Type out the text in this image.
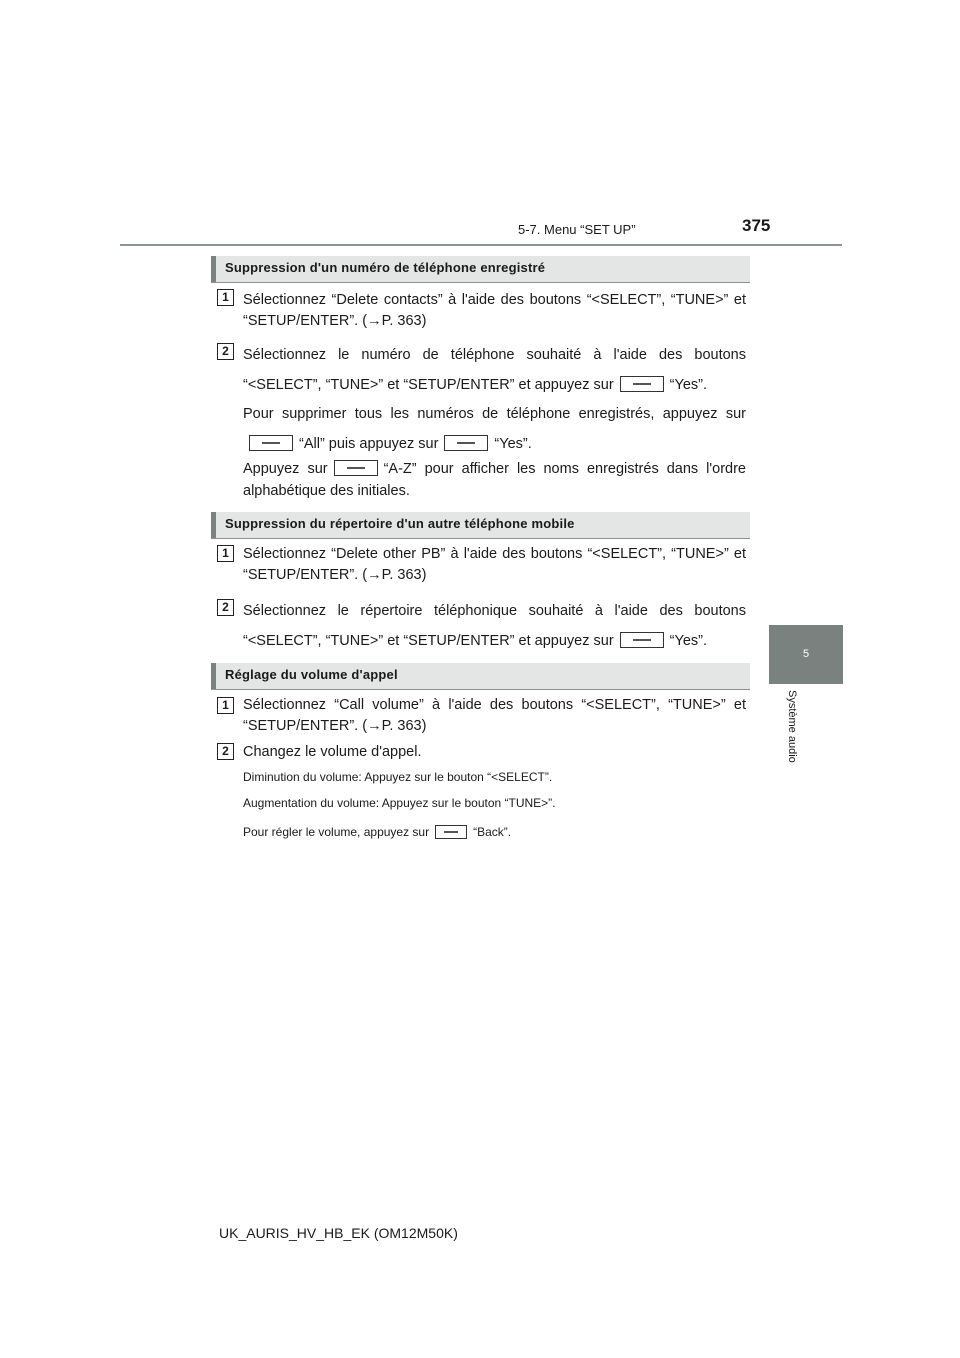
5-7. Menu “SET UP”	375
5
Système audio
Suppression d'un numéro de téléphone enregistré
1 Sélectionnez “Delete contacts” à l'aide des boutons “<SELECT”, “TUNE>” et “SETUP/ENTER”. (→P. 363)

2 Sélectionnez le numéro de téléphone souhaité à l'aide des boutons “<SELECT”, “TUNE>” et “SETUP/ENTER” et appuyez sur	“Yes”.

Pour supprimer tous les numéros de téléphone enregistrés, appuyez sur“All” puis appuyez sur	“Yes”.

Appuyez sur	“A-Z” pour afficher les noms enregistrés dans l'ordre alphabétique des initiales.

Suppression du répertoire d'un autre téléphone mobile
1 Sélectionnez “Delete other PB” à l'aide des boutons “<SELECT”, “TUNE>” et “SETUP/ENTER”. (→P. 363)

2 Sélectionnez le répertoire téléphonique souhaité à l'aide des boutons “<SELECT”, “TUNE>” et “SETUP/ENTER” et appuyez sur	“Yes”.

Réglage du volume d'appel
1 Sélectionnez “Call volume” à l'aide des boutons “<SELECT”, “TUNE>” et “SETUP/ENTER”. (→P. 363)

2 Changez le volume d'appel.

Diminution du volume: Appuyez sur le bouton “<SELECT”.

Augmentation du volume: Appuyez sur le bouton “TUNE>”.

Pour régler le volume, appuyez sur	“Back”.

UK_AURIS_HV_HB_EK (OM12M50K)
